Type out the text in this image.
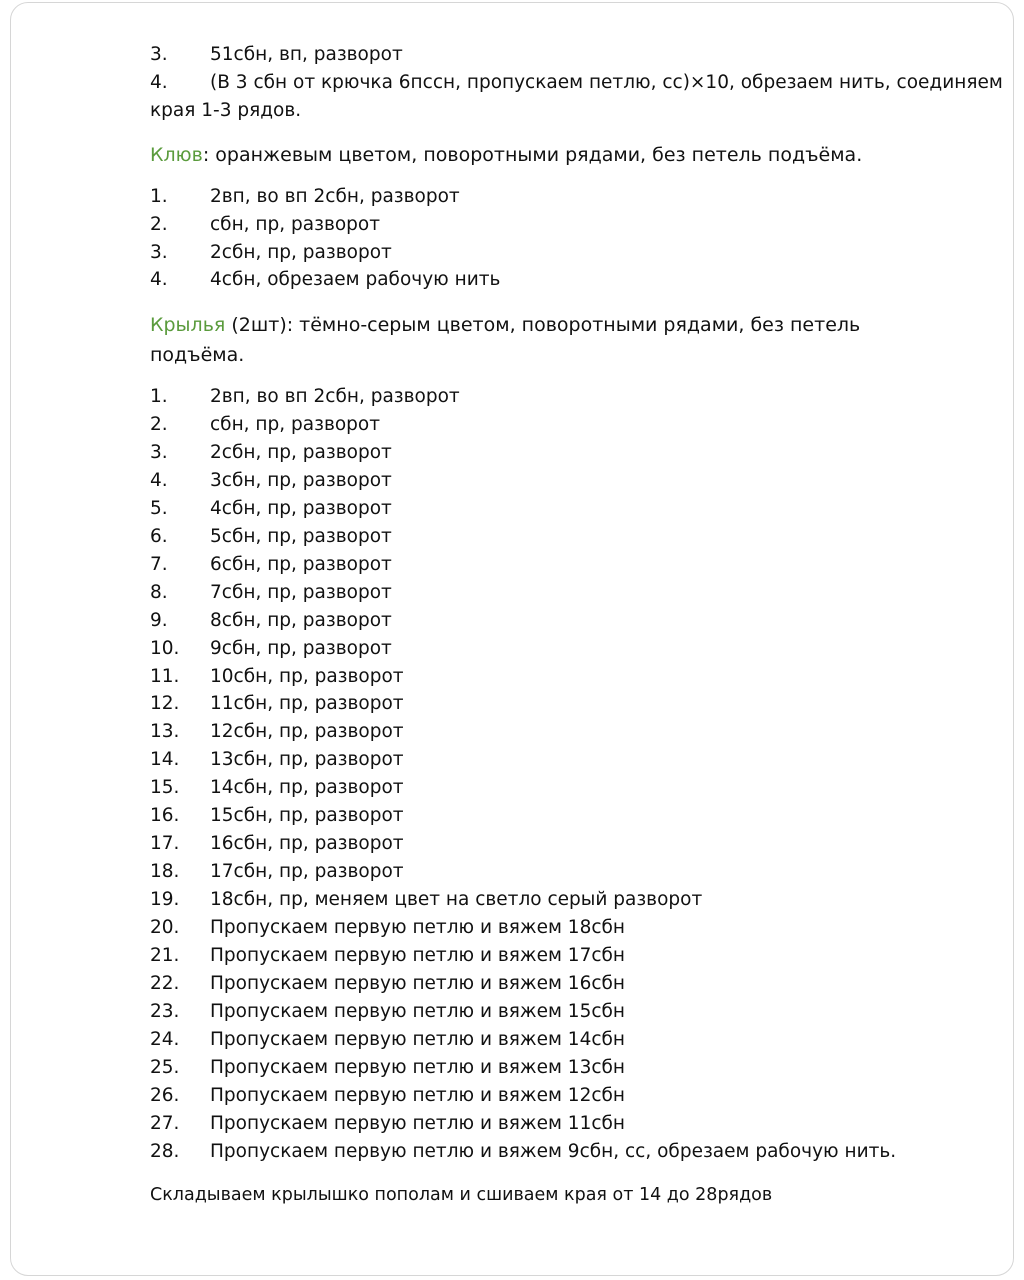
3.	51сбн, вп, разворот
4.	(В 3 сбн от крючка 6пссн, пропускаем петлю, сс)×10, обрезаем нить, соединяем
края 1-3 рядов.
Клюв: оранжевым цветом, поворотными рядами, без петель подъёма.
1.	2вп, во вп 2сбн, разворот
2.	сбн, пр, разворот
3.	2сбн, пр, разворот
4.	4сбн, обрезаем рабочую нить
Крылья (2шт): тёмно-серым цветом, поворотными рядами, без петель
подъёма.
1.	2вп, во вп 2сбн, разворот
2.	сбн, пр, разворот
3.	2сбн, пр, разворот
4.	3сбн, пр, разворот
5.	4сбн, пр, разворот
6.	5сбн, пр, разворот
7.	6сбн, пр, разворот
8.	7сбн, пр, разворот
9.	8сбн, пр, разворот
10.	9сбн, пр, разворот
11.	10сбн, пр, разворот
12.	11сбн, пр, разворот
13.	12сбн, пр, разворот
14.	13сбн, пр, разворот
15.	14сбн, пр, разворот
16.	15сбн, пр, разворот
17.	16сбн, пр, разворот
18.	17сбн, пр, разворот
19.	18сбн, пр, меняем цвет на светло серый разворот
20.	Пропускаем первую петлю и вяжем 18сбн
21.	Пропускаем первую петлю и вяжем 17сбн
22.	Пропускаем первую петлю и вяжем 16сбн
23.	Пропускаем первую петлю и вяжем 15сбн
24.	Пропускаем первую петлю и вяжем 14сбн
25.	Пропускаем первую петлю и вяжем 13сбн
26.	Пропускаем первую петлю и вяжем 12сбн
27.	Пропускаем первую петлю и вяжем 11сбн
28.	Пропускаем первую петлю и вяжем 9сбн, сс, обрезаем рабочую нить.
Складываем крылышко пополам и сшиваем края от 14 до 28рядов
